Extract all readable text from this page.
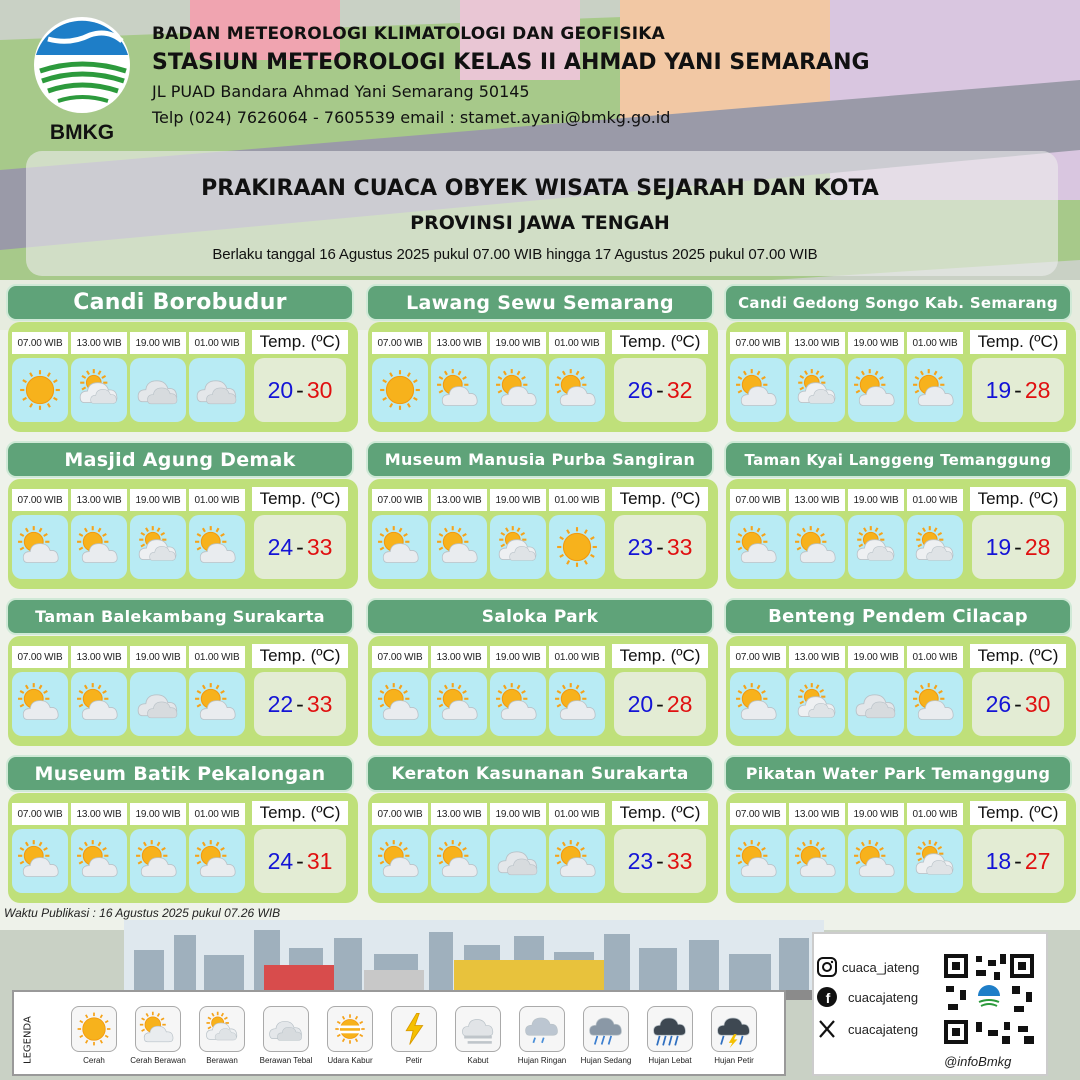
BMKG
BADAN METEOROLOGI KLIMATOLOGI DAN GEOFISIKA
STASIUN METEOROLOGI KELAS II AHMAD YANI SEMARANG
JL PUAD Bandara Ahmad Yani Semarang 50145
Telp (024) 7626064 - 7605539 email : stamet.ayani@bmkg.go.id
PRAKIRAAN CUACA OBYEK WISATA SEJARAH DAN KOTA
PROVINSI JAWA TENGAH
Berlaku tanggal 16 Agustus 2025 pukul 07.00 WIB hingga 17 Agustus 2025 pukul 07.00 WIB
Candi Borobudur
07.00 WIB	13.00 WIB	19.00 WIB	01.00 WIB	Temp. (ºC)
20 - 30
Lawang Sewu Semarang
07.00 WIB	13.00 WIB	19.00 WIB	01.00 WIB	Temp. (ºC)
26 - 32
Candi Gedong Songo Kab. Semarang
07.00 WIB	13.00 WIB	19.00 WIB	01.00 WIB	Temp. (ºC)
19 - 28
Masjid Agung Demak
07.00 WIB	13.00 WIB	19.00 WIB	01.00 WIB	Temp. (ºC)
24 - 33
Museum Manusia Purba Sangiran
07.00 WIB	13.00 WIB	19.00 WIB	01.00 WIB	Temp. (ºC)
23 - 33
Taman Kyai Langgeng Temanggung
07.00 WIB	13.00 WIB	19.00 WIB	01.00 WIB	Temp. (ºC)
19 - 28
Taman Balekambang Surakarta
07.00 WIB	13.00 WIB	19.00 WIB	01.00 WIB	Temp. (ºC)
22 - 33
Saloka Park
07.00 WIB	13.00 WIB	19.00 WIB	01.00 WIB	Temp. (ºC)
20 - 28
Benteng Pendem Cilacap
07.00 WIB	13.00 WIB	19.00 WIB	01.00 WIB	Temp. (ºC)
26 - 30
Museum Batik Pekalongan
07.00 WIB	13.00 WIB	19.00 WIB	01.00 WIB	Temp. (ºC)
24 - 31
Keraton Kasunanan Surakarta
07.00 WIB	13.00 WIB	19.00 WIB	01.00 WIB	Temp. (ºC)
23 - 33
Pikatan Water Park Temanggung
07.00 WIB	13.00 WIB	19.00 WIB	01.00 WIB	Temp. (ºC)
18 - 27
Waktu Publikasi : 16 Agustus 2025 pukul 07.26 WIB
LEGENDA	Cerah	Cerah Berawan	Berawan	Berawan Tebal	Udara Kabur	Petir	Kabut	Hujan Ringan	Hujan Sedang	Hujan Lebat	Hujan Petir
cuaca_jateng
f cuacajateng
cuacajateng
@infoBmkg
